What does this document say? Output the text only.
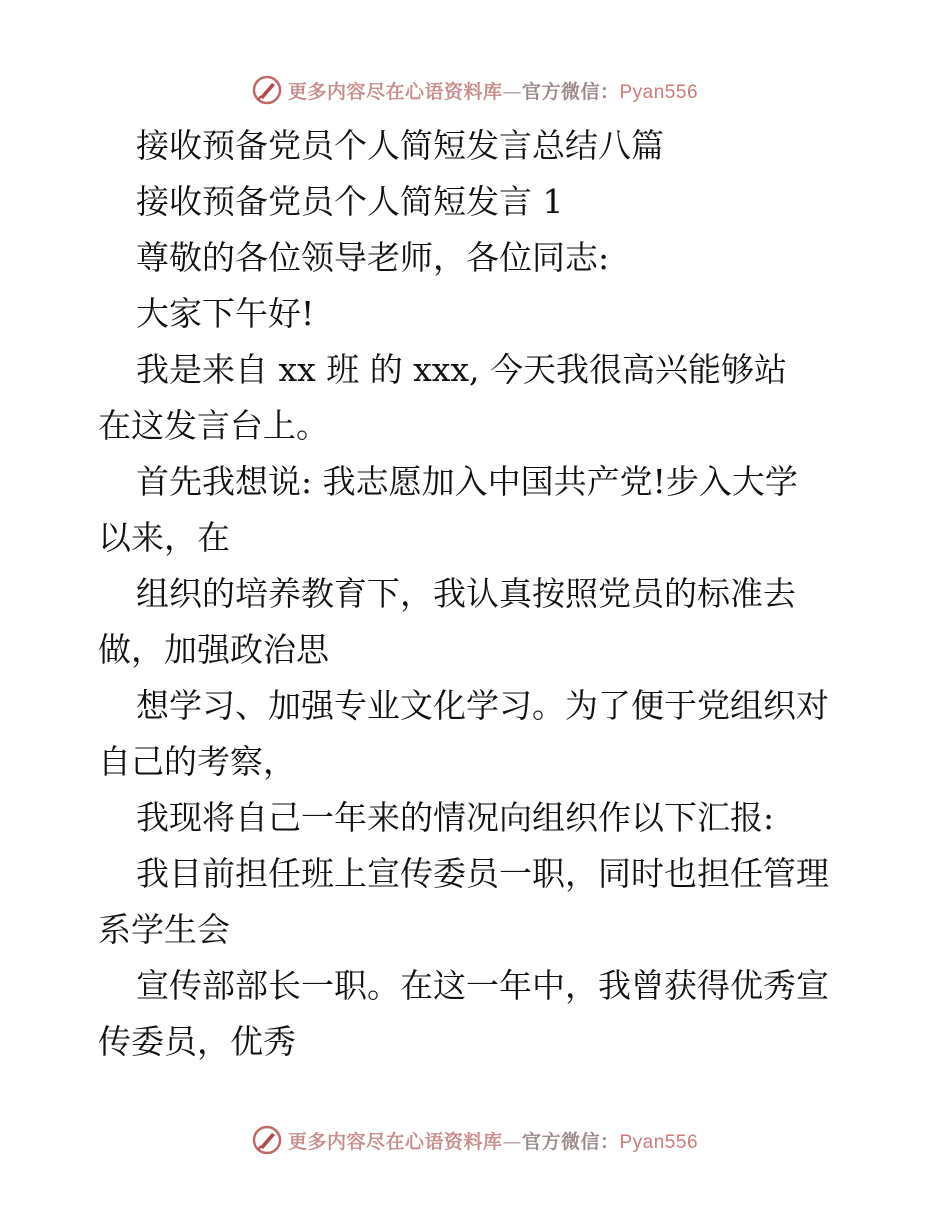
更多内容尽在心语资料库—官方微信：Pyan556

接收预备党员个人简短发言总结八篇

接收预备党员个人简短发言 1

尊敬的各位领导老师，各位同志:

大家下午好!

我是来自 xx 班 的 xxx, 今天我很高兴能够站

在这发言台上。

首先我想说: 我志愿加入中国共产党!步入大学

以来，在

组织的培养教育下，我认真按照党员的标准去

做，加强政治思

想学习、加强专业文化学习。为了便于党组织对

自己的考察，

我现将自己一年来的情况向组织作以下汇报:

我目前担任班上宣传委员一职，同时也担任管理

系学生会

宣传部部长一职。在这一年中，我曾获得优秀宣

传委员，优秀

更多内容尽在心语资料库—官方微信：Pyan556
